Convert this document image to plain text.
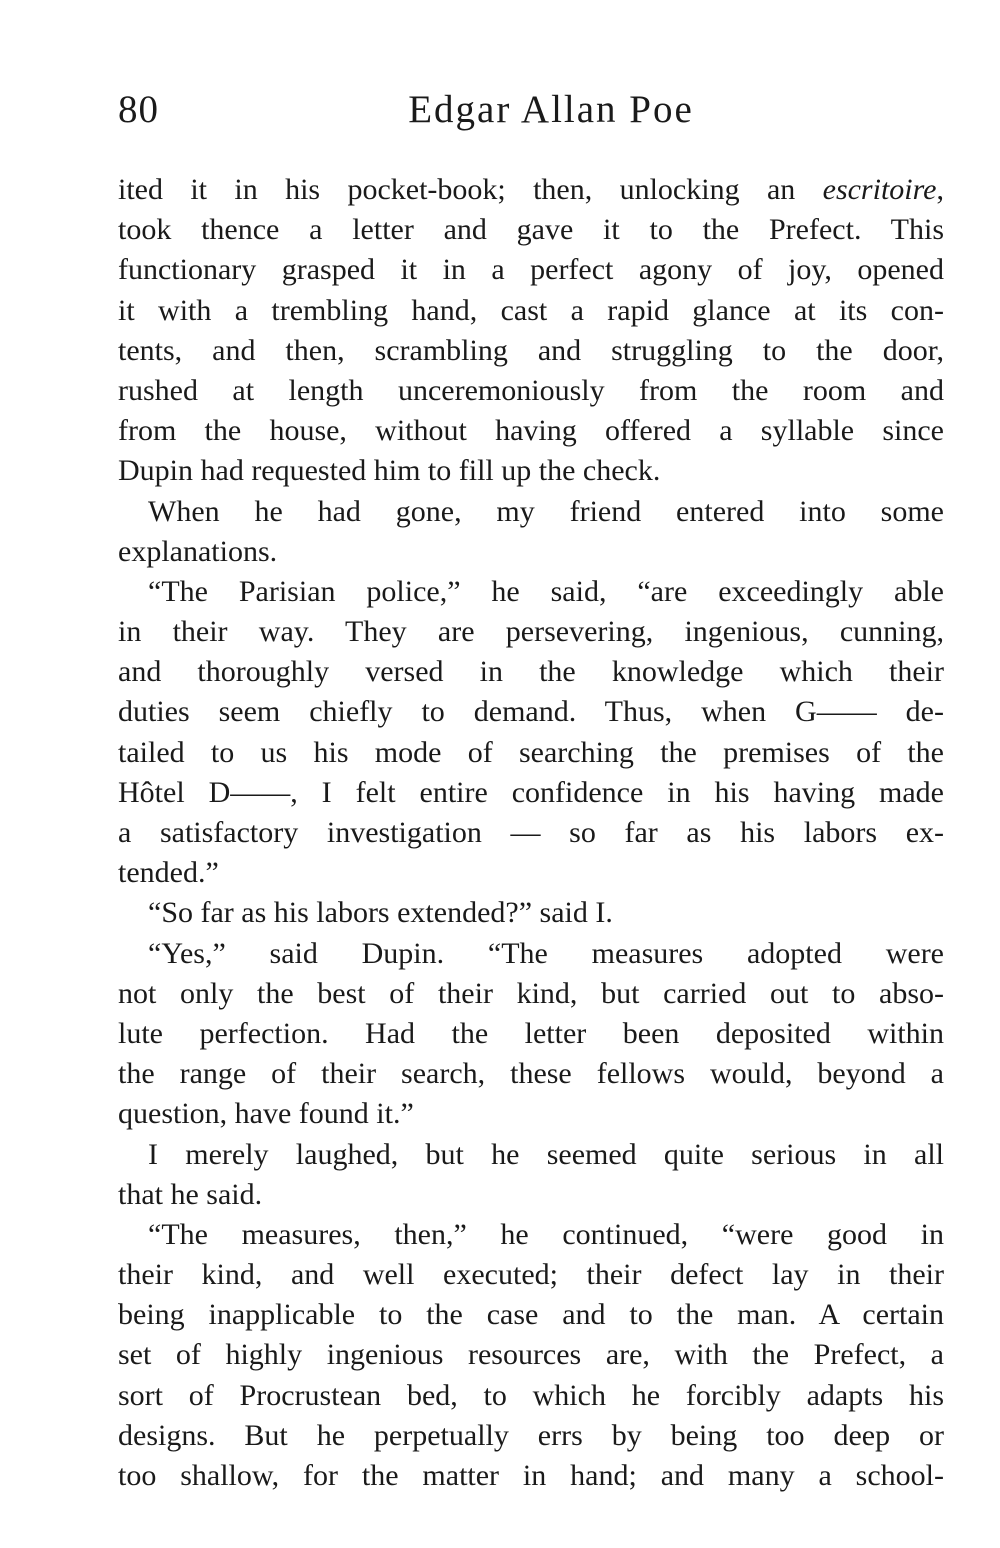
80	Edgar Allan Poe
ited it in his pocket-book; then, unlocking an escritoire,
took thence a letter and gave it to the Prefect. This
functionary grasped it in a perfect agony of joy, opened
it with a trembling hand, cast a rapid glance at its con-
tents, and then, scrambling and struggling to the door,
rushed at length unceremoniously from the room and
from the house, without having offered a syllable since
Dupin had requested him to fill up the check.
When he had gone, my friend entered into some
explanations.
“The Parisian police,” he said, “are exceedingly able
in their way. They are persevering, ingenious, cunning,
and thoroughly versed in the knowledge which their
duties seem chiefly to demand. Thus, when G—— de-
tailed to us his mode of searching the premises of the
Hôtel D——, I felt entire confidence in his having made
a satisfactory investigation — so far as his labors ex-
tended.”
“So far as his labors extended?” said I.
“Yes,” said Dupin. “The measures adopted were
not only the best of their kind, but carried out to abso-
lute perfection. Had the letter been deposited within
the range of their search, these fellows would, beyond a
question, have found it.”
I merely laughed, but he seemed quite serious in all
that he said.
“The measures, then,” he continued, “were good in
their kind, and well executed; their defect lay in their
being inapplicable to the case and to the man. A certain
set of highly ingenious resources are, with the Prefect, a
sort of Procrustean bed, to which he forcibly adapts his
designs. But he perpetually errs by being too deep or
too shallow, for the matter in hand; and many a school-
